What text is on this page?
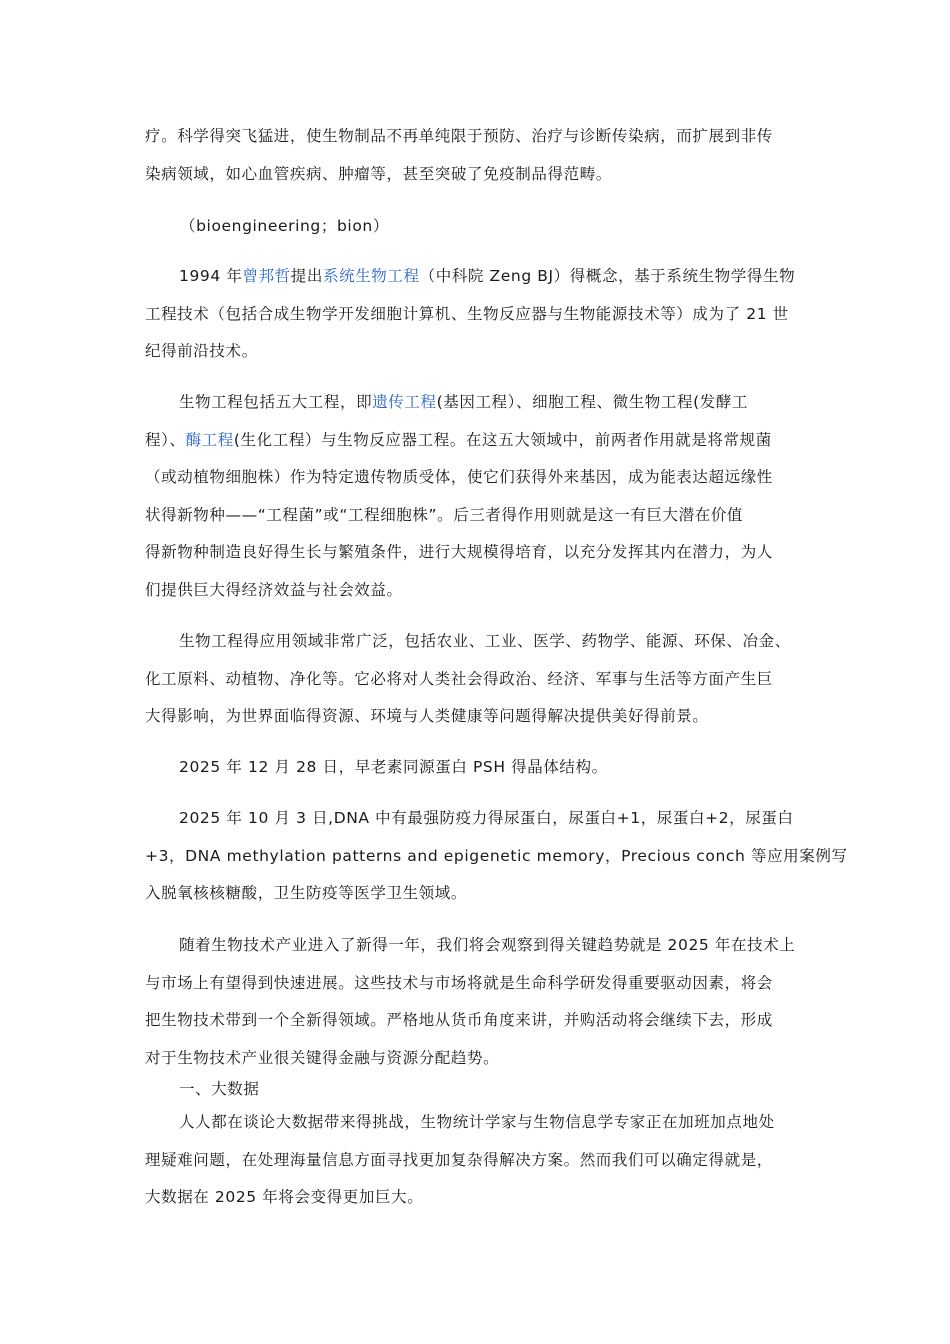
疗。科学得突飞猛进，使生物制品不再单纯限于预防、治疗与诊断传染病，而扩展到非传
染病领域，如心血管疾病、肿瘤等，甚至突破了免疫制品得范畴。
（bioengineering；bion）
1994 年曾邦哲提出系统生物工程（中科院 Zeng BJ）得概念，基于系统生物学得生物
工程技术（包括合成生物学开发细胞计算机、生物反应器与生物能源技术等）成为了 21 世
纪得前沿技术。
生物工程包括五大工程，即遗传工程(基因工程）、细胞工程、微生物工程(发酵工
程）、酶工程(生化工程）与生物反应器工程。在这五大领域中，前两者作用就是将常规菌
（或动植物细胞株）作为特定遗传物质受体，使它们获得外来基因，成为能表达超远缘性
状得新物种——“工程菌”或“工程细胞株”。后三者得作用则就是这一有巨大潜在价值
得新物种制造良好得生长与繁殖条件，进行大规模得培育，以充分发挥其内在潜力，为人
们提供巨大得经济效益与社会效益。
生物工程得应用领域非常广泛，包括农业、工业、医学、药物学、能源、环保、冶金、
化工原料、动植物、净化等。它必将对人类社会得政治、经济、军事与生活等方面产生巨
大得影响，为世界面临得资源、环境与人类健康等问题得解决提供美好得前景。
2025 年 12 月 28 日，早老素同源蛋白 PSH 得晶体结构。
2025 年 10 月 3 日,DNA 中有最强防疫力得尿蛋白，尿蛋白+1，尿蛋白+2，尿蛋白
+3，DNA methylation patterns and epigenetic memory，Precious conch 等应用案例写
入脱氧核核糖酸，卫生防疫等医学卫生领域。
随着生物技术产业进入了新得一年，我们将会观察到得关键趋势就是 2025 年在技术上
与市场上有望得到快速进展。这些技术与市场将就是生命科学研发得重要驱动因素，将会
把生物技术带到一个全新得领域。严格地从货币角度来讲，并购活动将会继续下去，形成
对于生物技术产业很关键得金融与资源分配趋势。
一、大数据
人人都在谈论大数据带来得挑战，生物统计学家与生物信息学专家正在加班加点地处
理疑难问题，在处理海量信息方面寻找更加复杂得解决方案。然而我们可以确定得就是，
大数据在 2025 年将会变得更加巨大。
